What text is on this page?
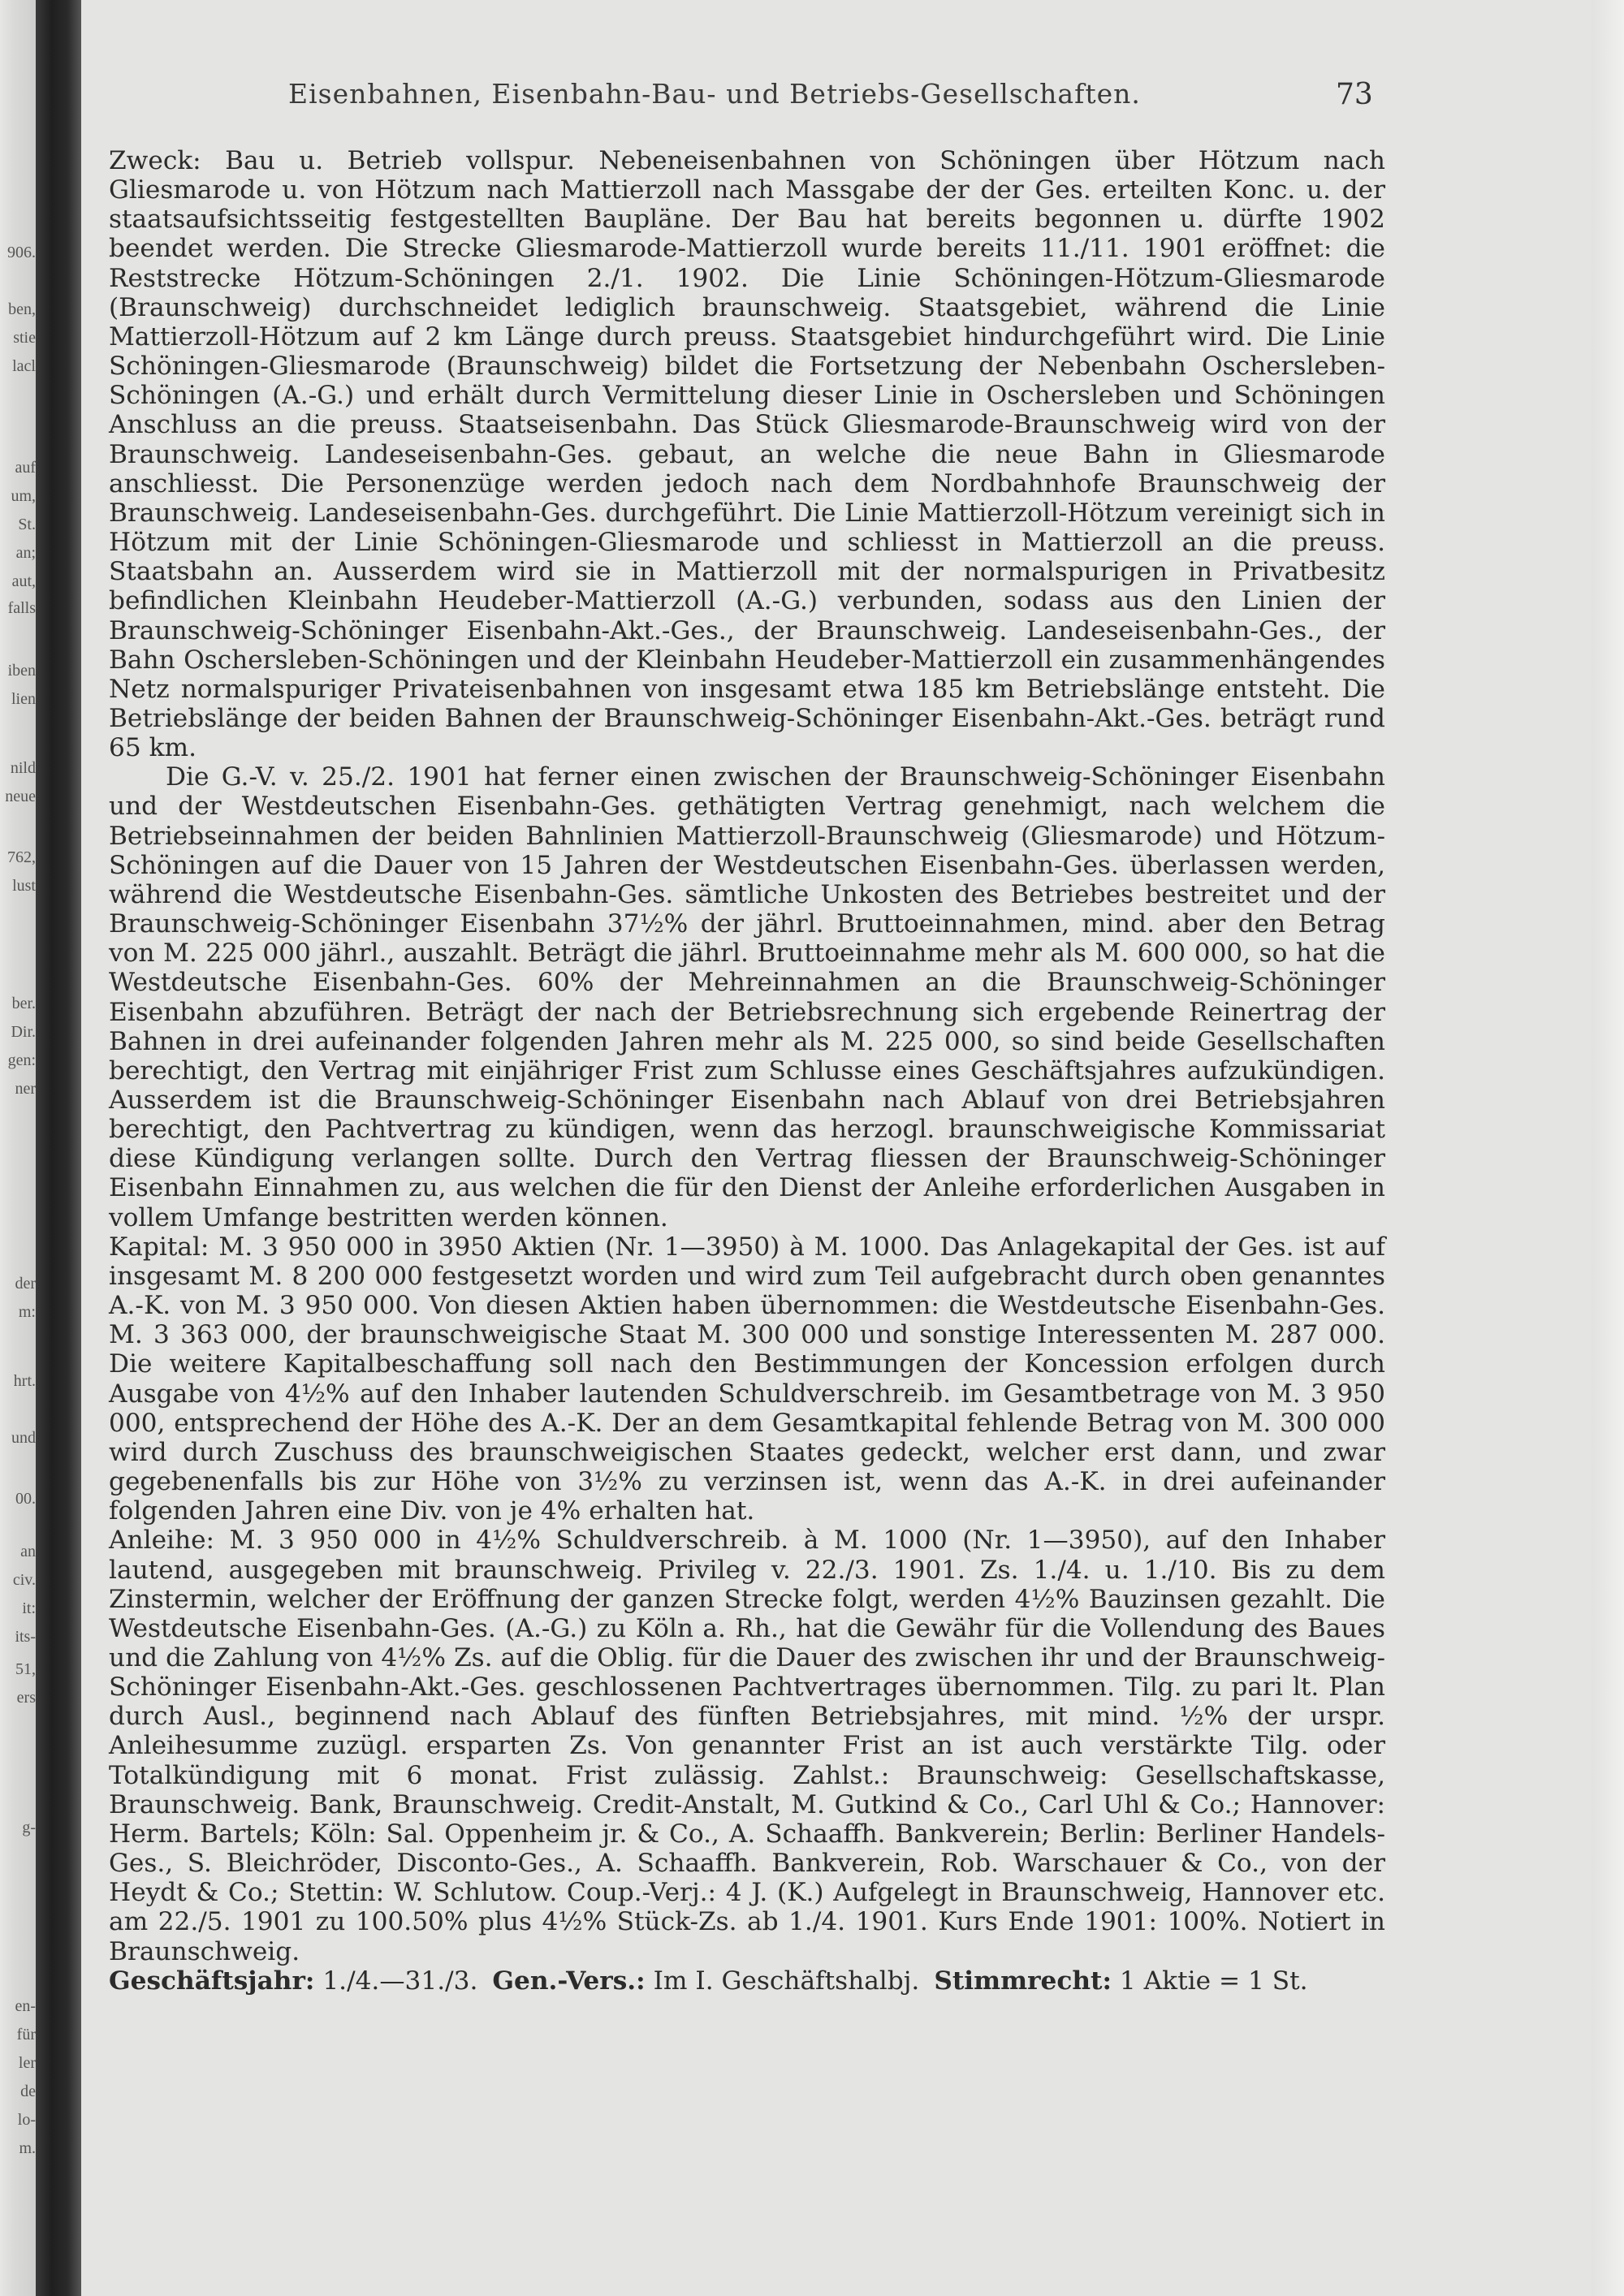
906.
ben,
stie
lacl
auf
um,
St.
an;
aut,
falls
iben
lien
nild
neue
762,
lust
ber.
Dir.
gen:
ner
der
m:
hrt.
und
00.
an
civ.
it:
its-
51,
ers
g-
en-
für
ler
de
lo-
m.
Eisenbahnen, Eisenbahn-Bau- und Betriebs-Gesellschaften.	73

Zweck: Bau u. Betrieb vollspur. Nebeneisenbahnen von Schöningen über Hötzum nach Gliesmarode u. von Hötzum nach Mattierzoll nach Massgabe der der Ges. erteilten Konc. u. der staatsaufsichtsseitig festgestellten Baupläne. Der Bau hat bereits begonnen u. dürfte 1902 beendet werden. Die Strecke Gliesmarode-Mattierzoll wurde bereits 11./11. 1901 eröffnet: die Reststrecke Hötzum-Schöningen 2./1. 1902. Die Linie Schöningen-Hötzum-Gliesmarode (Braunschweig) durchschneidet lediglich braunschweig. Staatsgebiet, während die Linie Mattierzoll-Hötzum auf 2 km Länge durch preuss. Staatsgebiet hindurchgeführt wird. Die Linie Schöningen-Gliesmarode (Braunschweig) bildet die Fortsetzung der Nebenbahn Oschersleben-Schöningen (A.-G.) und erhält durch Vermittelung dieser Linie in Oschersleben und Schöningen Anschluss an die preuss. Staatseisenbahn. Das Stück Gliesmarode-Braunschweig wird von der Braunschweig. Landeseisenbahn-Ges. gebaut, an welche die neue Bahn in Gliesmarode anschliesst. Die Personenzüge werden jedoch nach dem Nordbahnhofe Braunschweig der Braunschweig. Landeseisenbahn-Ges. durchgeführt. Die Linie Mattierzoll-Hötzum vereinigt sich in Hötzum mit der Linie Schöningen-Gliesmarode und schliesst in Mattierzoll an die preuss. Staatsbahn an. Ausserdem wird sie in Mattierzoll mit der normalspurigen in Privatbesitz befindlichen Kleinbahn Heudeber-Mattierzoll (A.-G.) verbunden, sodass aus den Linien der Braunschweig-Schöninger Eisenbahn-Akt.-Ges., der Braunschweig. Landeseisenbahn-Ges., der Bahn Oschersleben-Schöningen und der Kleinbahn Heudeber-Mattierzoll ein zusammenhängendes Netz normalspuriger Privateisenbahnen von insgesamt etwa 185 km Betriebslänge entsteht. Die Betriebslänge der beiden Bahnen der Braunschweig-Schöninger Eisenbahn-Akt.-Ges. beträgt rund 65 km.

Die G.-V. v. 25./2. 1901 hat ferner einen zwischen der Braunschweig-Schöninger Eisenbahn und der Westdeutschen Eisenbahn-Ges. gethätigten Vertrag genehmigt, nach welchem die Betriebseinnahmen der beiden Bahnlinien Mattierzoll-Braunschweig (Gliesmarode) und Hötzum-Schöningen auf die Dauer von 15 Jahren der Westdeutschen Eisenbahn-Ges. überlassen werden, während die Westdeutsche Eisenbahn-Ges. sämtliche Unkosten des Betriebes bestreitet und der Braunschweig-Schöninger Eisenbahn 37½% der jährl. Bruttoeinnahmen, mind. aber den Betrag von M. 225 000 jährl., auszahlt. Beträgt die jährl. Bruttoeinnahme mehr als M. 600 000, so hat die Westdeutsche Eisenbahn-Ges. 60% der Mehreinnahmen an die Braunschweig-Schöninger Eisenbahn abzuführen. Beträgt der nach der Betriebsrechnung sich ergebende Reinertrag der Bahnen in drei aufeinander folgenden Jahren mehr als M. 225 000, so sind beide Gesellschaften berechtigt, den Vertrag mit einjähriger Frist zum Schlusse eines Geschäftsjahres aufzukündigen. Ausserdem ist die Braunschweig-Schöninger Eisenbahn nach Ablauf von drei Betriebsjahren berechtigt, den Pachtvertrag zu kündigen, wenn das herzogl. braunschweigische Kommissariat diese Kündigung verlangen sollte. Durch den Vertrag fliessen der Braunschweig-Schöninger Eisenbahn Einnahmen zu, aus welchen die für den Dienst der Anleihe erforderlichen Ausgaben in vollem Umfange bestritten werden können.

Kapital: M. 3 950 000 in 3950 Aktien (Nr. 1—3950) à M. 1000. Das Anlagekapital der Ges. ist auf insgesamt M. 8 200 000 festgesetzt worden und wird zum Teil aufgebracht durch oben genanntes A.-K. von M. 3 950 000. Von diesen Aktien haben übernommen: die Westdeutsche Eisenbahn-Ges. M. 3 363 000, der braunschweigische Staat M. 300 000 und sonstige Interessenten M. 287 000. Die weitere Kapitalbeschaffung soll nach den Bestimmungen der Koncession erfolgen durch Ausgabe von 4½% auf den Inhaber lautenden Schuldverschreib. im Gesamtbetrage von M. 3 950 000, entsprechend der Höhe des A.-K. Der an dem Gesamtkapital fehlende Betrag von M. 300 000 wird durch Zuschuss des braunschweigischen Staates gedeckt, welcher erst dann, und zwar gegebenenfalls bis zur Höhe von 3½% zu verzinsen ist, wenn das A.-K. in drei aufeinander folgenden Jahren eine Div. von je 4% erhalten hat.

Anleihe: M. 3 950 000 in 4½% Schuldverschreib. à M. 1000 (Nr. 1—3950), auf den Inhaber lautend, ausgegeben mit braunschweig. Privileg v. 22./3. 1901. Zs. 1./4. u. 1./10. Bis zu dem Zinstermin, welcher der Eröffnung der ganzen Strecke folgt, werden 4½% Bauzinsen gezahlt. Die Westdeutsche Eisenbahn-Ges. (A.-G.) zu Köln a. Rh., hat die Gewähr für die Vollendung des Baues und die Zahlung von 4½% Zs. auf die Oblig. für die Dauer des zwischen ihr und der Braunschweig-Schöninger Eisenbahn-Akt.-Ges. geschlossenen Pachtvertrages übernommen. Tilg. zu pari lt. Plan durch Ausl., beginnend nach Ablauf des fünften Betriebsjahres, mit mind. ½% der urspr. Anleihesumme zuzügl. ersparten Zs. Von genannter Frist an ist auch verstärkte Tilg. oder Totalkündigung mit 6 monat. Frist zulässig. Zahlst.: Braunschweig: Gesellschaftskasse, Braunschweig. Bank, Braunschweig. Credit-Anstalt, M. Gutkind & Co., Carl Uhl & Co.; Hannover: Herm. Bartels; Köln: Sal. Oppenheim jr. & Co., A. Schaaffh. Bankverein; Berlin: Berliner Handels-Ges., S. Bleichröder, Disconto-Ges., A. Schaaffh. Bankverein, Rob. Warschauer & Co., von der Heydt & Co.; Stettin: W. Schlutow. Coup.-Verj.: 4 J. (K.) Aufgelegt in Braunschweig, Hannover etc. am 22./5. 1901 zu 100.50% plus 4½% Stück-Zs. ab 1./4. 1901. Kurs Ende 1901: 100%. Notiert in Braunschweig.

Geschäftsjahr: 1./4.—31./3. Gen.-Vers.: Im I. Geschäftshalbj. Stimmrecht: 1 Aktie = 1 St.
